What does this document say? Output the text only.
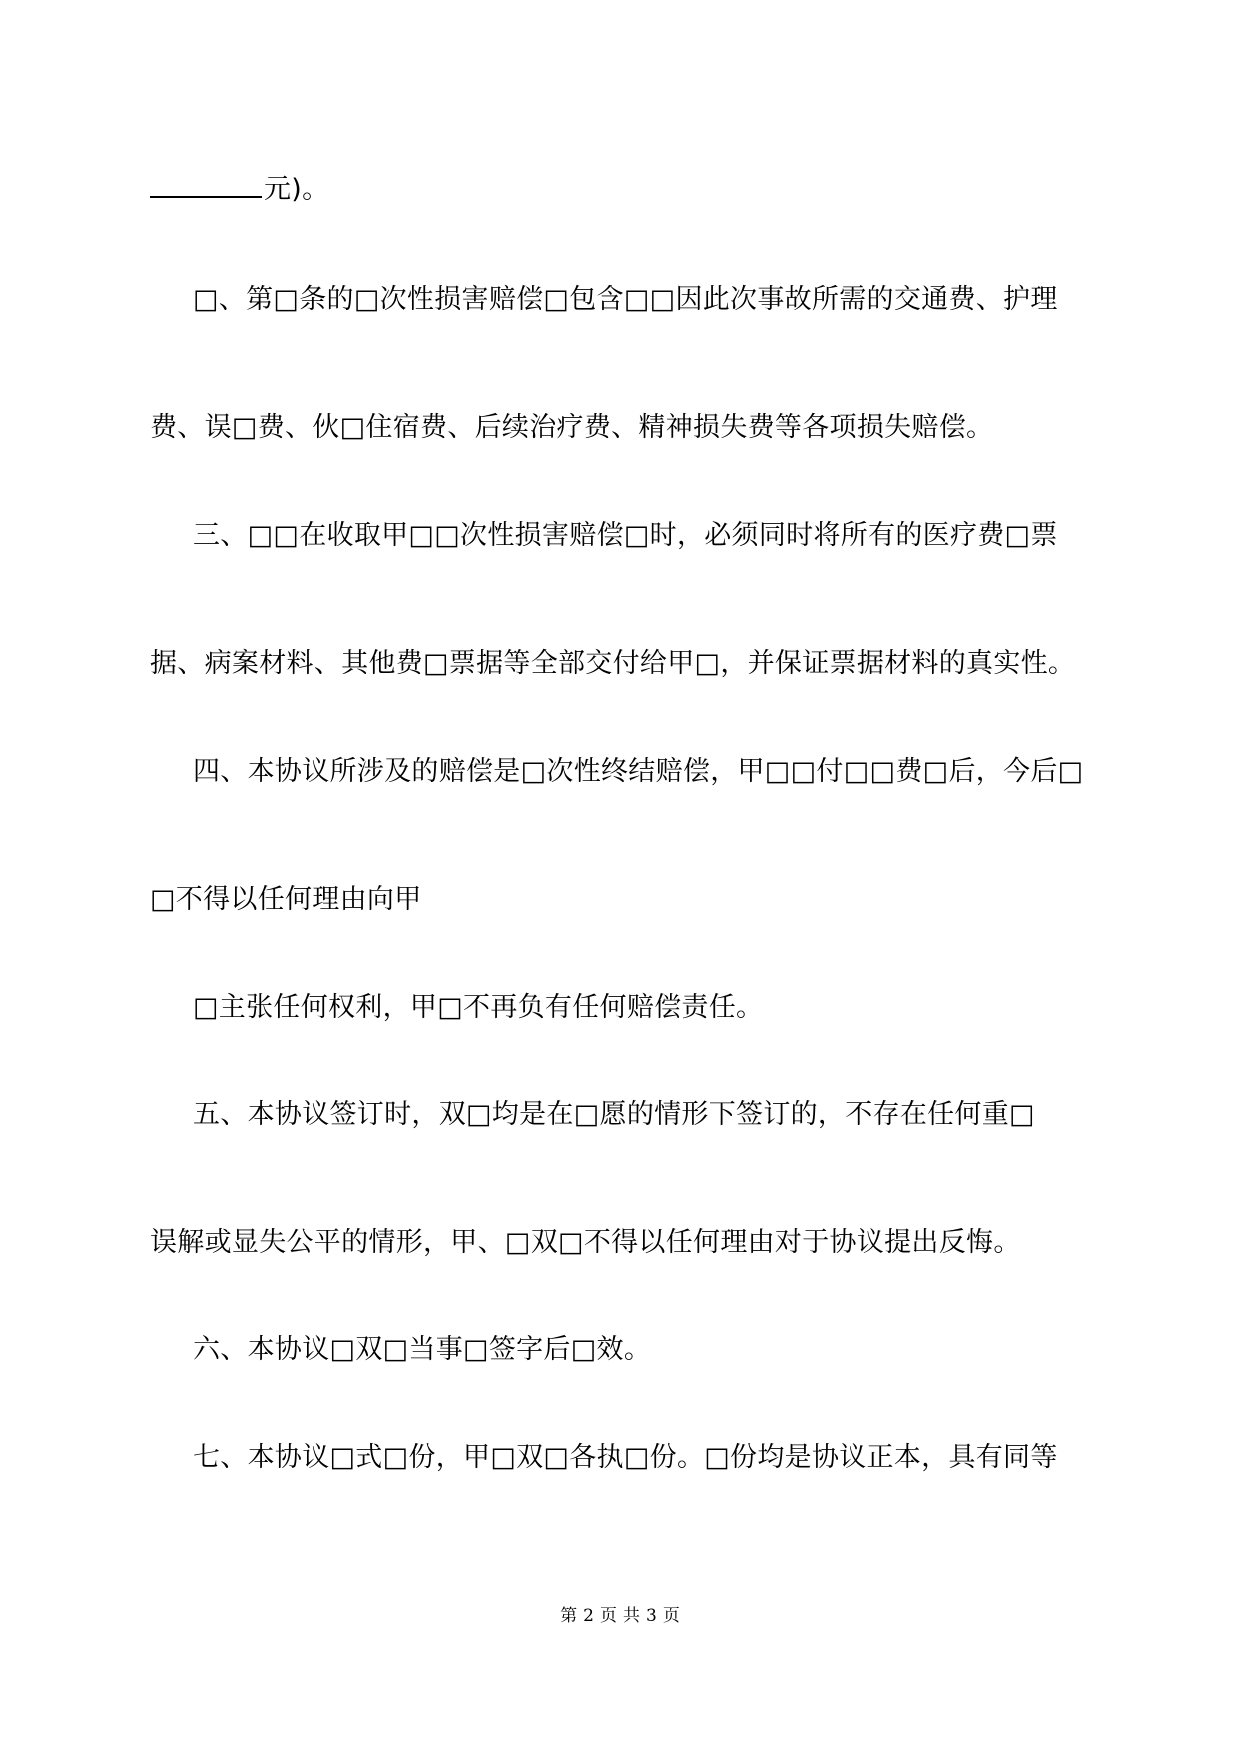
元)。
□、第□条的□次性损害赔偿□包含□□因此次事故所需的交通费、护理
费、误□费、伙□住宿费、后续治疗费、精神损失费等各项损失赔偿。
三、□□在收取甲□□次性损害赔偿□时，必须同时将所有的医疗费□票
据、病案材料、其他费□票据等全部交付给甲□，并保证票据材料的真实性。
四、本协议所涉及的赔偿是□次性终结赔偿，甲□□付□□费□后，今后□
□不得以任何理由向甲
□主张任何权利，甲□不再负有任何赔偿责任。
五、本协议签订时，双□均是在□愿的情形下签订的，不存在任何重□
误解或显失公平的情形，甲、□双□不得以任何理由对于协议提出反悔。
六、本协议□双□当事□签字后□效。
七、本协议□式□份，甲□双□各执□份。□份均是协议正本，具有同等
第 2 页 共 3 页
